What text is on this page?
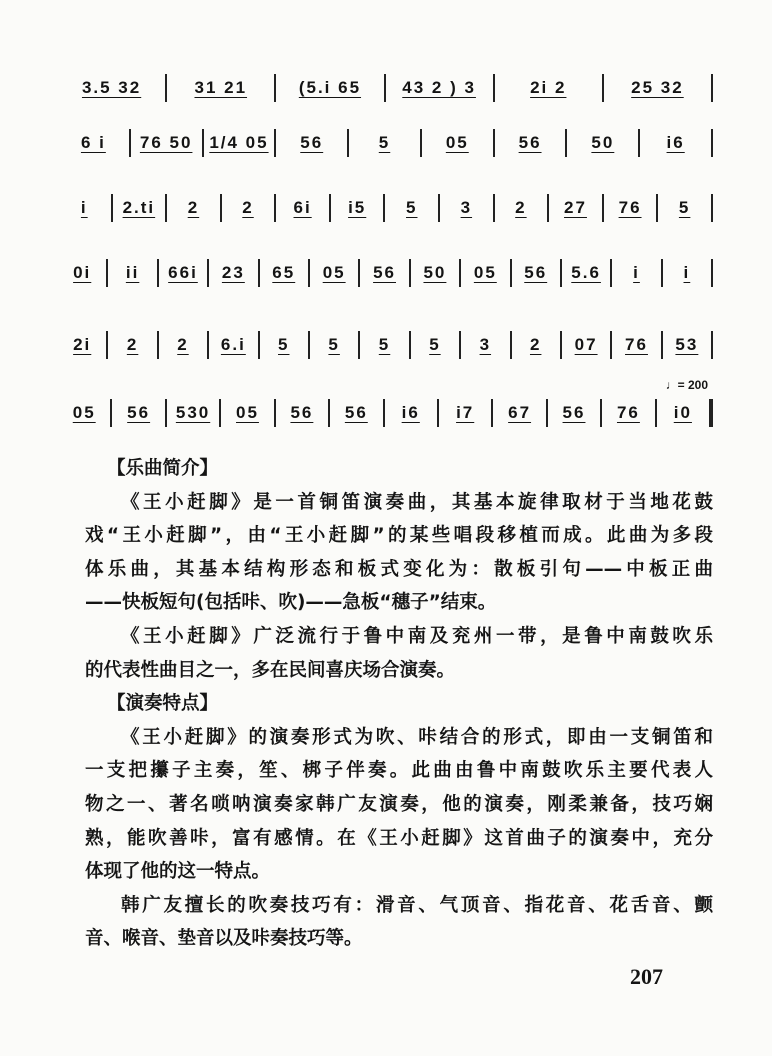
3.5 32	31 21	(5.i 65 43 2 ) 3	2i 2	25 32
6 i 76 50 1/4 05 56	5	05	56	50	i6
i 2.ti 2	2 6i i5 5	3	2 27 76 5
0i ii 66i 23 65 05 56 50 05 56 5.6 i	i
2i 2 2 6.i 5 5 5 5 3 2 07 76 53
05 56 530 05 56 56 i6 i7 67 56 76 i0
♩= 200
【乐曲简介】
《王小赶脚》是一首铜笛演奏曲，其基本旋律取材于当地花鼓
戏“王小赶脚”，由“王小赶脚”的某些唱段移植而成。此曲为多段
体乐曲，其基本结构形态和板式变化为：散板引句——中板正曲
——快板短句(包括咔、吹)——急板“穗子”结束。
《王小赶脚》广泛流行于鲁中南及兖州一带，是鲁中南鼓吹乐
的代表性曲目之一，多在民间喜庆场合演奏。
【演奏特点】
《王小赶脚》的演奏形式为吹、咔结合的形式，即由一支铜笛和
一支把攥子主奏，笙、梆子伴奏。此曲由鲁中南鼓吹乐主要代表人
物之一、著名唢呐演奏家韩广友演奏，他的演奏，刚柔兼备，技巧娴
熟，能吹善咔，富有感情。在《王小赶脚》这首曲子的演奏中，充分
体现了他的这一特点。
韩广友擅长的吹奏技巧有：滑音、气顶音、指花音、花舌音、颤
音、喉音、垫音以及咔奏技巧等。
207
